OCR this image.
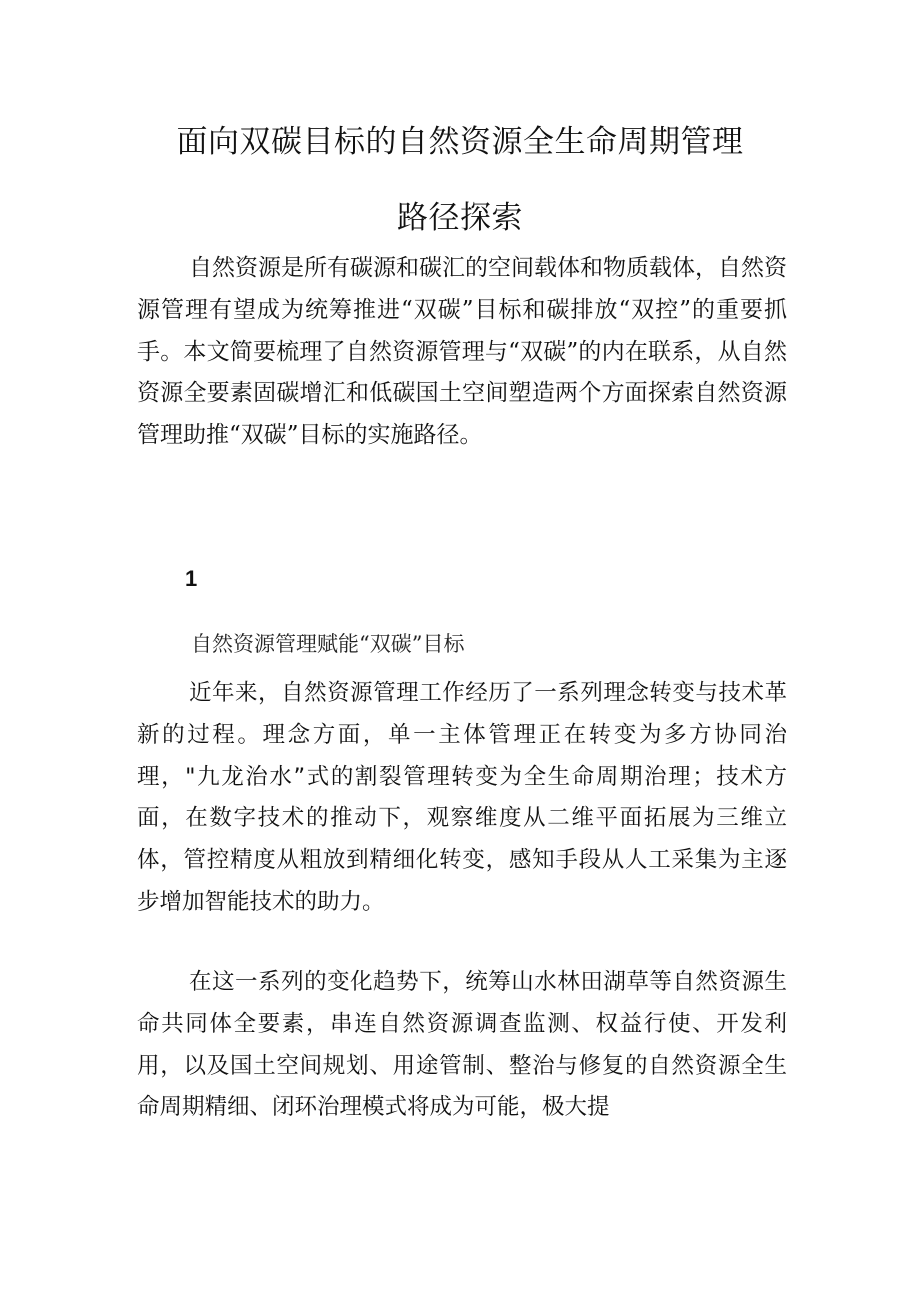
面向双碳目标的自然资源全生命周期管理
路径探索

自然资源是所有碳源和碳汇的空间载体和物质载体，自然资源管理有望成为统筹推进“双碳”目标和碳排放“双控”的重要抓手。本文简要梳理了自然资源管理与“双碳”的内在联系，从自然资源全要素固碳增汇和低碳国土空间塑造两个方面探索自然资源管理助推“双碳”目标的实施路径。

1

自然资源管理赋能“双碳”目标

近年来，自然资源管理工作经历了一系列理念转变与技术革新的过程。理念方面，单一主体管理正在转变为多方协同治理，"九龙治水”式的割裂管理转变为全生命周期治理；技术方面，在数字技术的推动下，观察维度从二维平面拓展为三维立体，管控精度从粗放到精细化转变，感知手段从人工采集为主逐步增加智能技术的助力。

在这一系列的变化趋势下，统筹山水林田湖草等自然资源生命共同体全要素，串连自然资源调查监测、权益行使、开发利用，以及国土空间规划、用途管制、整治与修复的自然资源全生命周期精细、闭环治理模式将成为可能，极大提
